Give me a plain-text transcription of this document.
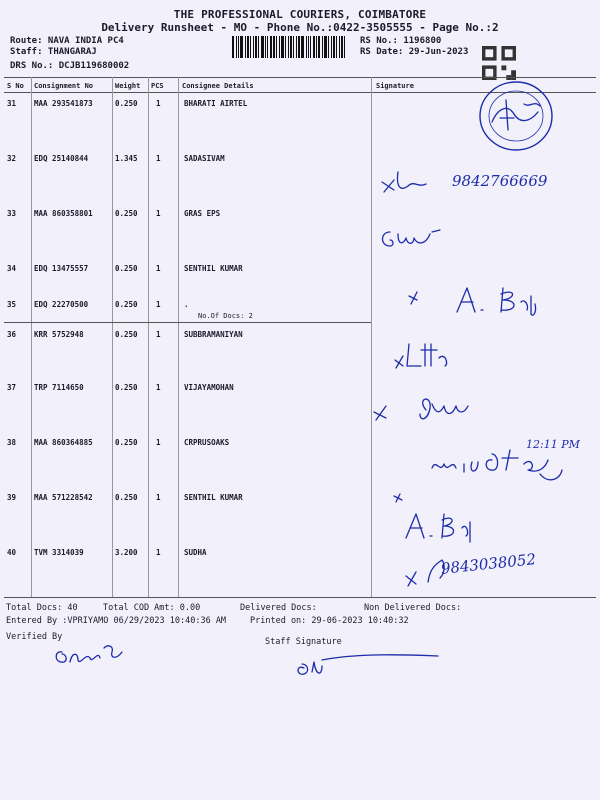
THE PROFESSIONAL COURIERS, COIMBATORE
Delivery Runsheet - MO - Phone No.:0422-3505555 - Page No.:2
Route: NAVA INDIA PC4
Staff: THANGARAJ
DRS No.: DCJB119680002
RS No.: 1196800
RS Date: 29-Jun-2023
S No Consignment No	Weight PCS	Consignee Details	Signature
31 MAA 293541873	0.250 1	BHARATI AIRTEL
32 EDQ 25140844	1.345 1	SADASIVAM
33 MAA 860358801	0.250 1	GRAS EPS
34 EDQ 13475557	0.250 1	SENTHIL KUMAR
35 EDQ 22270500	0.250 1	.
No.Of Docs: 2
36 KRR 5752948	0.250 1	SUBBRAMANIYAN
37 TRP 7114650	0.250 1	VIJAYAMOHAN
38 MAA 860364885	0.250 1	CRPRUSOAKS
39 MAA 571228542	0.250 1	SENTHIL KUMAR
40 TVM 3314039	3.200 1	SUDHA
9842766669
12:11 PM
9843038052
Total Docs: 40	Total COD Amt: 0.00	Delivered Docs:	Non Delivered Docs:
Entered By :VPRIYAMO 06/29/2023 10:40:36 AM	Printed on: 29-06-2023 10:40:32
Verified By	Staff Signature
